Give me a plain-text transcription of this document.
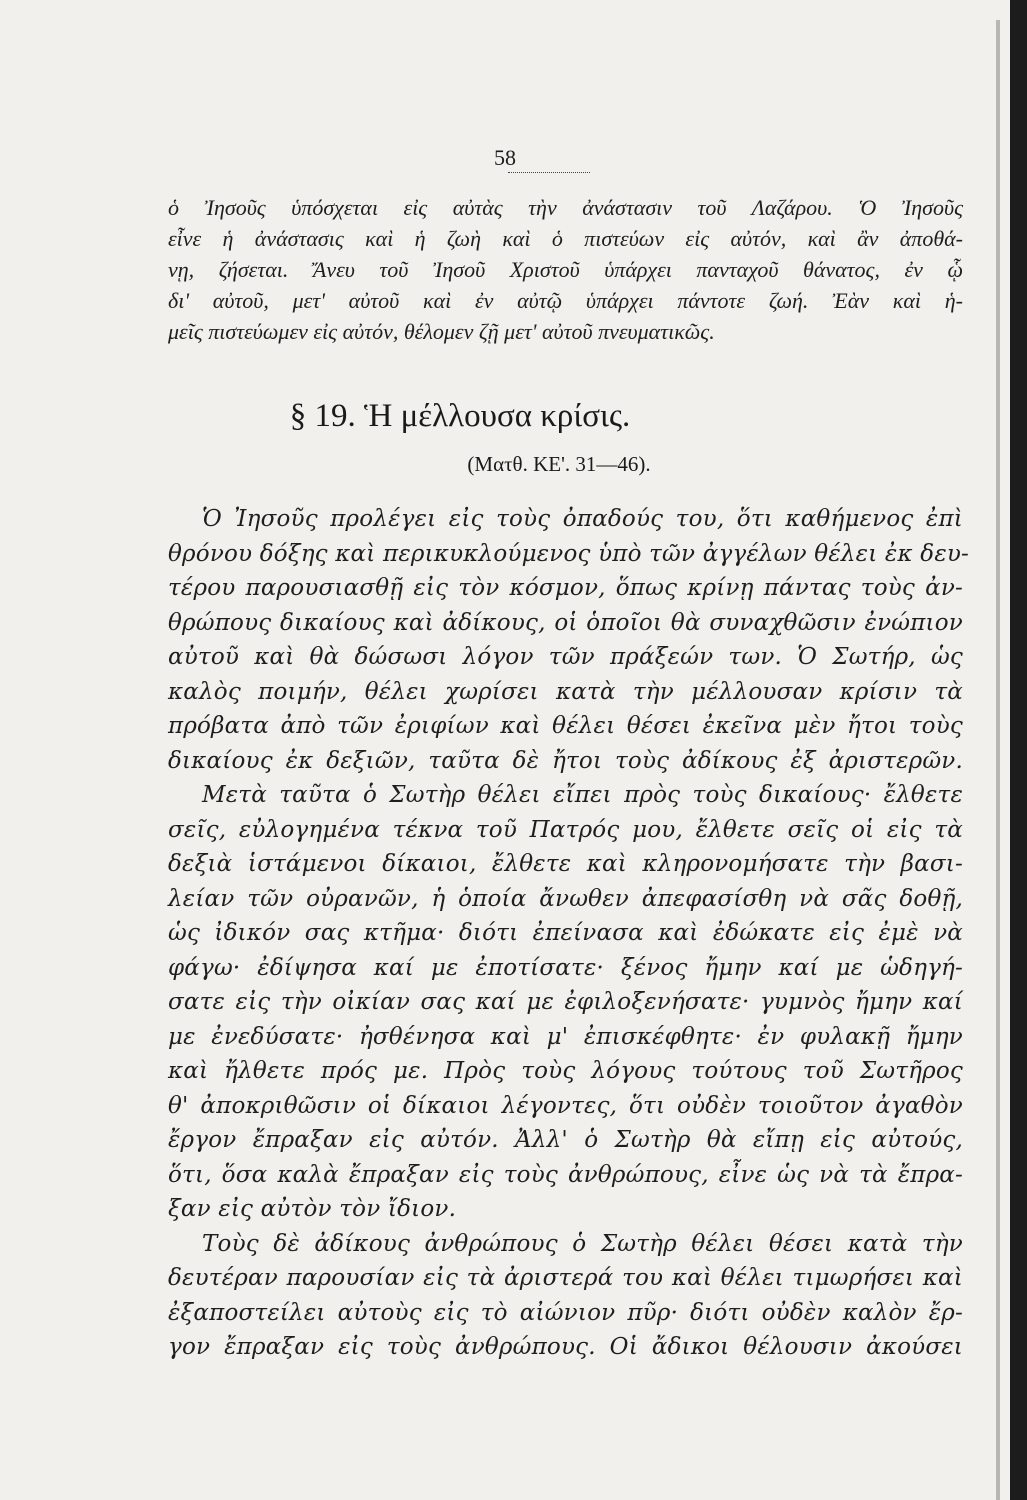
58
ὁ Ἰησοῦς ὑπόσχεται εἰς αὐτὰς τὴν ἀνάστασιν τοῦ Λαζάρου. Ὁ Ἰησοῦς
εἶνε ἡ ἀνάστασις καὶ ἡ ζωὴ καὶ ὁ πιστεύων εἰς αὐτόν, καὶ ἂν ἀποθά-
νῃ, ζήσεται. Ἄνευ τοῦ Ἰησοῦ Χριστοῦ ὑπάρχει πανταχοῦ θάνατος, ἐν ᾧ
δι' αὐτοῦ, μετ' αὐτοῦ καὶ ἐν αὐτῷ ὑπάρχει πάντοτε ζωή. Ἐὰν καὶ ἡ-
μεῖς πιστεύωμεν εἰς αὐτόν, θέλομεν ζῇ μετ' αὐτοῦ πνευματικῶς.
§ 19. Ἡ μέλλουσα κρίσις.
(Ματθ. ΚΕ'. 31—46).
Ὁ Ἰησοῦς προλέγει εἰς τοὺς ὀπαδούς του, ὅτι καθήμενος ἐπὶ
θρόνου δόξης καὶ περικυκλούμενος ὑπὸ τῶν ἀγγέλων θέλει ἐκ δευ-
τέρου παρουσιασθῇ εἰς τὸν κόσμον, ὅπως κρίνῃ πάντας τοὺς ἀν-
θρώπους δικαίους καὶ ἀδίκους, οἱ ὁποῖοι θὰ συναχθῶσιν ἐνώπιον
αὐτοῦ καὶ θὰ δώσωσι λόγον τῶν πράξεών των. Ὁ Σωτήρ, ὡς
καλὸς ποιμήν, θέλει χωρίσει κατὰ τὴν μέλλουσαν κρίσιν τὰ
πρόβατα ἀπὸ τῶν ἐριφίων καὶ θέλει θέσει ἐκεῖνα μὲν ἤτοι τοὺς
δικαίους ἐκ δεξιῶν, ταῦτα δὲ ἤτοι τοὺς ἀδίκους ἐξ ἀριστερῶν.
Μετὰ ταῦτα ὁ Σωτὴρ θέλει εἴπει πρὸς τοὺς δικαίους· ἔλθετε
σεῖς, εὐλογημένα τέκνα τοῦ Πατρός μου, ἔλθετε σεῖς οἱ εἰς τὰ
δεξιὰ ἱστάμενοι δίκαιοι, ἔλθετε καὶ κληρονομήσατε τὴν βασι-
λείαν τῶν οὐρανῶν, ἡ ὁποία ἄνωθεν ἀπεφασίσθη νὰ σᾶς δοθῇ,
ὡς ἰδικόν σας κτῆμα· διότι ἐπείνασα καὶ ἐδώκατε εἰς ἐμὲ νὰ
φάγω· ἐδίψησα καί με ἐποτίσατε· ξένος ἤμην καί με ὡδηγή-
σατε εἰς τὴν οἰκίαν σας καί με ἐφιλοξενήσατε· γυμνὸς ἤμην καί
με ἐνεδύσατε· ἠσθένησα καὶ μ' ἐπισκέφθητε· ἐν φυλακῇ ἤμην
καὶ ἤλθετε πρός με. Πρὸς τοὺς λόγους τούτους τοῦ Σωτῆρος
θ' ἀποκριθῶσιν οἱ δίκαιοι λέγοντες, ὅτι οὐδὲν τοιοῦτον ἀγαθὸν
ἔργον ἔπραξαν εἰς αὐτόν. Ἀλλ' ὁ Σωτὴρ θὰ εἴπῃ εἰς αὐτούς,
ὅτι, ὅσα καλὰ ἔπραξαν εἰς τοὺς ἀνθρώπους, εἶνε ὡς νὰ τὰ ἔπρα-
ξαν εἰς αὐτὸν τὸν ἴδιον.
Τοὺς δὲ ἀδίκους ἀνθρώπους ὁ Σωτὴρ θέλει θέσει κατὰ τὴν
δευτέραν παρουσίαν εἰς τὰ ἀριστερά του καὶ θέλει τιμωρήσει καὶ
ἐξαποστείλει αὐτοὺς εἰς τὸ αἰώνιον πῦρ· διότι οὐδὲν καλὸν ἔρ-
γον ἔπραξαν εἰς τοὺς ἀνθρώπους. Οἱ ἄδικοι θέλουσιν ἀκούσει
